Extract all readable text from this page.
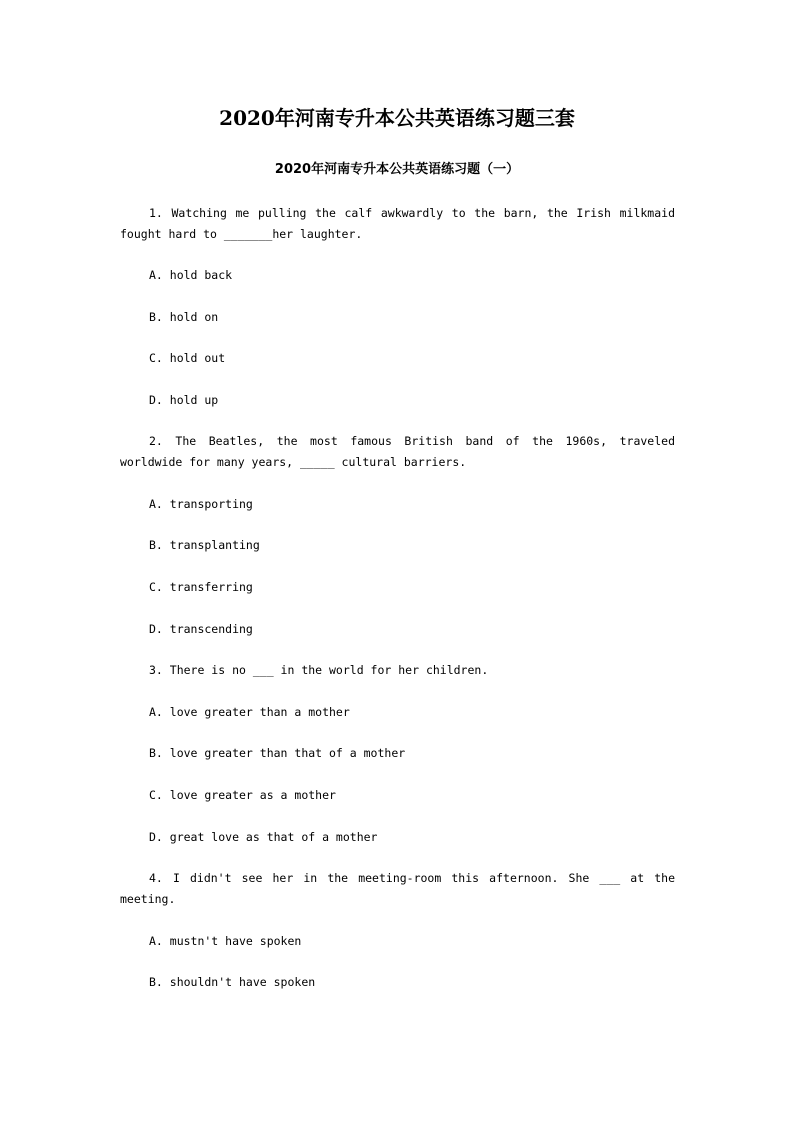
2020年河南专升本公共英语练习题三套
2020年河南专升本公共英语练习题（一）

1. Watching me pulling the calf awkwardly to the barn, the Irish milkmaid fought hard to _______her laughter.

A. hold back

B. hold on

C. hold out

D. hold up

2. The Beatles, the most famous British band of the 1960s, traveled worldwide for many years, _____ cultural barriers.

A. transporting

B. transplanting

C. transferring

D. transcending

3. There is no ___ in the world for her children.

A. love greater than a mother

B. love greater than that of a mother

C. love greater as a mother

D. great love as that of a mother

4. I didn't see her in the meeting-room this afternoon. She ___ at the meeting.

A. mustn't have spoken

B. shouldn't have spoken
